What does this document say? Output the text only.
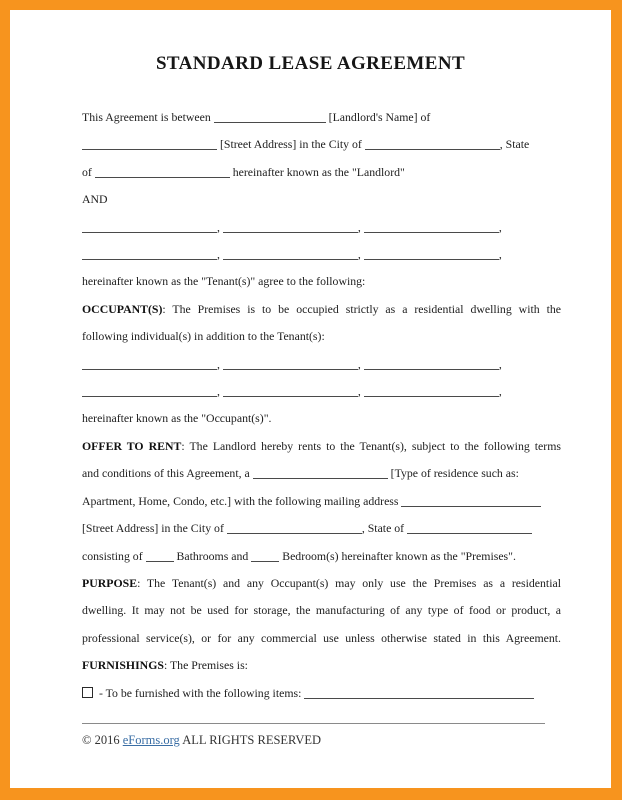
STANDARD LEASE AGREEMENT
This Agreement is between	[Landlord's Name] of
[Street Address] in the City of	, State
of	hereinafter known as the "Landlord"
AND
,	,	,
,	,	,
hereinafter known as the "Tenant(s)" agree to the following:
OCCUPANT(S): The Premises is to be occupied strictly as a residential dwelling with the
following individual(s) in addition to the Tenant(s):
,	,	,
,	,	,
hereinafter known as the "Occupant(s)".
OFFER TO RENT: The Landlord hereby rents to the Tenant(s), subject to the following terms
and conditions of this Agreement, a	[Type of residence such as:
Apartment, Home, Condo, etc.] with the following mailing address
[Street Address] in the City of	, State of
consisting of	Bathrooms and	Bedroom(s) hereinafter known as the "Premises".
PURPOSE: The Tenant(s) and any Occupant(s) may only use the Premises as a residential
dwelling. It may not be used for storage, the manufacturing of any type of food or product, a
professional service(s), or for any commercial use unless otherwise stated in this Agreement.
FURNISHINGS: The Premises is:
- To be furnished with the following items:
© 2016 eForms.org ALL RIGHTS RESERVED
